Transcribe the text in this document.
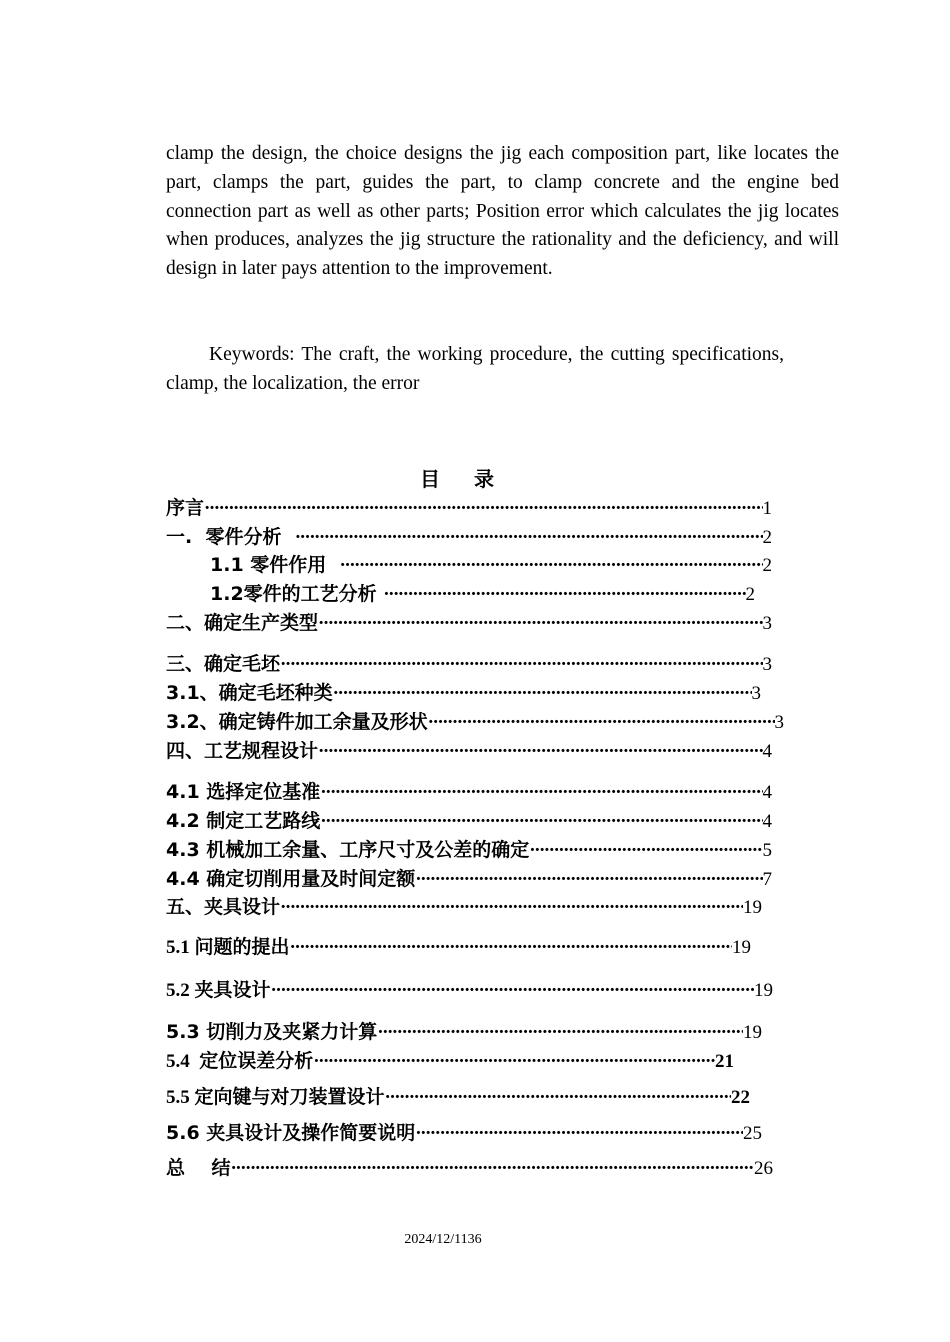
clamp the design, the choice designs the jig each composition part, like locates the part, clamps the part, guides the part, to clamp concrete and the engine bed connection part as well as other parts; Position error which calculates the jig locates when produces, analyzes the jig structure the rationality and the deficiency, and will design in later pays attention to the improvement.

Keywords: The craft, the working procedure, the cutting specifications, clamp, the localization, the error

目 录
序言 ·····	1
一.  零件分析 ·····	2
1.1 零件作用 ·····	2
1.2零件的工艺分析 ·····	2
二、确定生产类型 ·····	3
三、确定毛坯 ·····	3
3.1、确定毛坯种类 ·····	3
3.2、确定铸件加工余量及形状 ·····	3
四、工艺规程设计 ·····	4
4.1 选择定位基准 ·····	4
4.2 制定工艺路线 ·····	4
4.3 机械加工余量、工序尺寸及公差的确定 ·····	5
4.4 确定切削用量及时间定额 ·····	7
五、夹具设计 ·····	19
5.1 问题的提出 ·····	19
5.2 夹具设计 ·····	19
5.3 切削力及夹紧力计算 ·····	19
5.4  定位误差分析 ·····	21
5.5 定向键与对刀装置设计 ·····	22
5.6 夹具设计及操作简要说明 ·····	25
总    结 ·····	26
2024/12/1136
